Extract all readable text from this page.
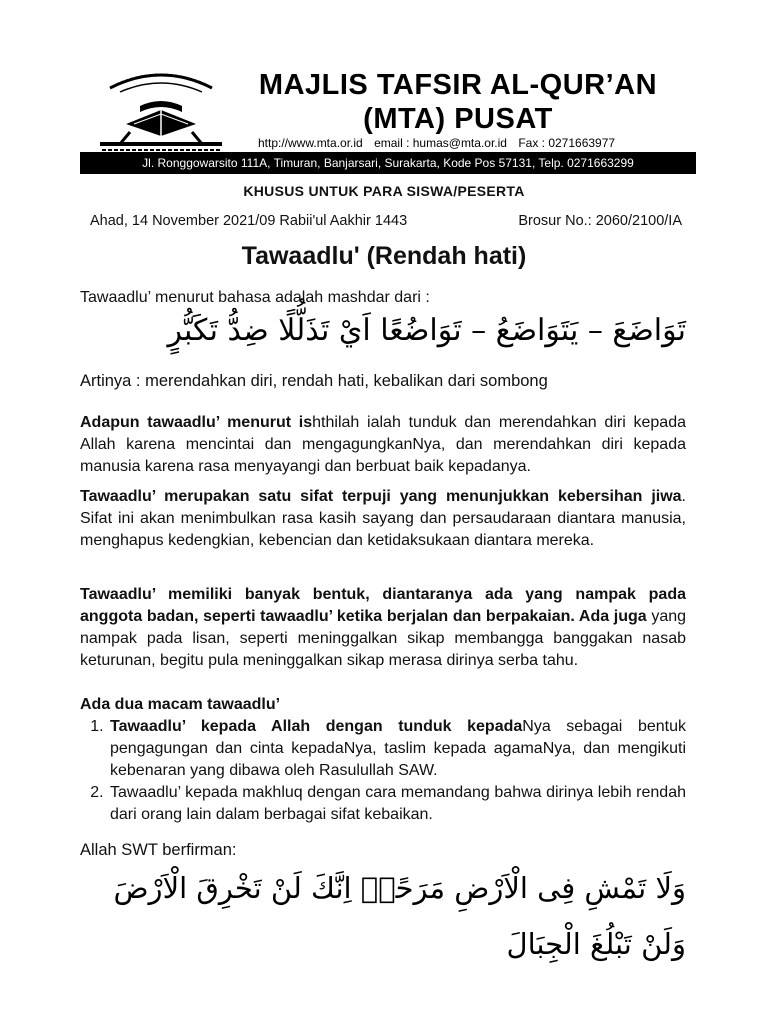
MAJLIS TAFSIR AL-QUR’AN
(MTA) PUSAT
http://www.mta.or.id email : humas@mta.or.id Fax : 0271663977
Jl. Ronggowarsito 111A, Timuran, Banjarsari, Surakarta, Kode Pos 57131, Telp. 0271663299
KHUSUS UNTUK PARA SISWA/PESERTA
Ahad, 14 November 2021/09 Rabii'ul Aakhir 1443	Brosur No.: 2060/2100/IA
Tawaadlu' (Rendah hati)
Tawaadlu’ menurut bahasa adalah mashdar dari :
تَوَاضَعَ – يَتَوَاضَعُ – تَوَاضُعًا اَيْ تَذَلُّلًا ضِدُّ تَكَبُّرٍ
Artinya : merendahkan diri, rendah hati, kebalikan dari sombong
Adapun tawaadlu’ menurut ishthilah ialah tunduk dan merendahkan diri kepada Allah karena mencintai dan mengagungkanNya, dan merendahkan diri kepada manusia karena rasa menyayangi dan berbuat baik kepadanya.
Tawaadlu’ merupakan satu sifat terpuji yang menunjukkan kebersihan jiwa. Sifat ini akan menimbulkan rasa kasih sayang dan persaudaraan diantara manusia, menghapus kedengkian, kebencian dan ketidaksukaan diantara mereka.
Tawaadlu’ memiliki banyak bentuk, diantaranya ada yang nampak pada anggota badan, seperti tawaadlu’ ketika berjalan dan berpakaian. Ada juga yang nampak pada lisan, seperti meninggalkan sikap membangga banggakan nasab keturunan, begitu pula meninggalkan sikap merasa dirinya serba tahu.
Ada dua macam tawaadlu’
1. Tawaadlu’ kepada Allah dengan tunduk kepadaNya sebagai bentuk pengagungan dan cinta kepadaNya, taslim kepada agamaNya, dan mengikuti kebenaran yang dibawa oleh Rasulullah SAW.
2. Tawaadlu’ kepada makhluq dengan cara memandang bahwa dirinya lebih rendah dari orang lain dalam berbagai sifat kebaikan.
Allah SWT berfirman:
وَلَا تَمْشِ فِى الْاَرْضِ مَرَحًاۚ اِنَّكَ لَنْ تَخْرِقَ الْاَرْضَ وَلَنْ تَبْلُغَ الْجِبَالَ
